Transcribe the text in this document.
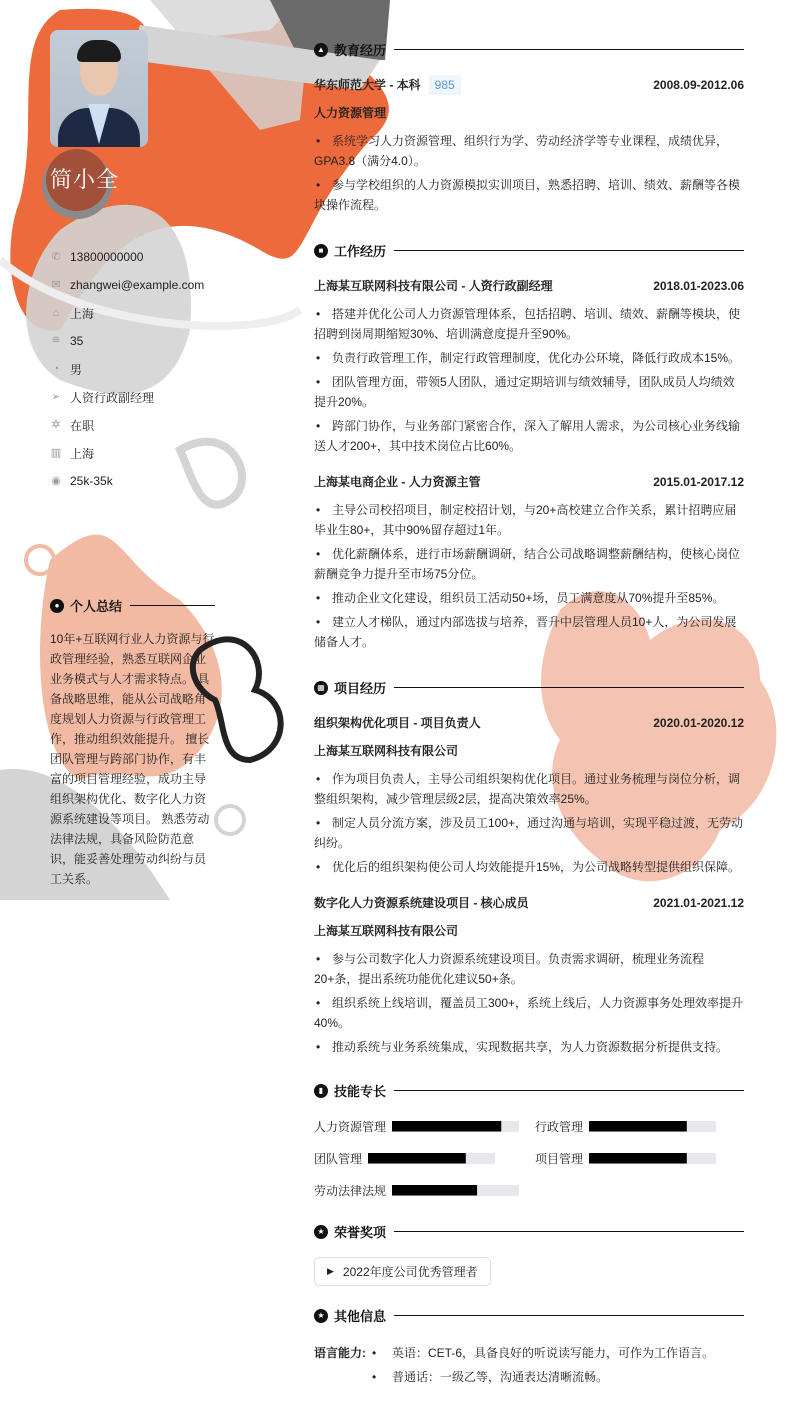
简小全
✆ 13800000000
✉ zhangwei@example.com
⌂ 上海
≘ 35
◔ 男
➢ 人资行政副经理
✲ 在职
▥ 上海
◉ 25k-35k
● 个人总结

10年+互联网行业人力资源与行政管理经验，熟悉互联网企业业务模式与人才需求特点。 具备战略思维，能从公司战略角度规划人力资源与行政管理工作，推动组织效能提升。 擅长团队管理与跨部门协作，有丰富的项目管理经验，成功主导组织架构优化、数字化人力资源系统建设等项目。 熟悉劳动法律法规，具备风险防范意识，能妥善处理劳动纠纷与员工关系。

▲ 教育经历
华东师范大学 - 本科 985	2008.09-2012.06
人力资源管理
• 系统学习人力资源管理、组织行为学、劳动经济学等专业课程，成绩优异，GPA3.8（满分4.0）。
• 参与学校组织的人力资源模拟实训项目，熟悉招聘、培训、绩效、薪酬等各模块操作流程。
■ 工作经历
上海某互联网科技有限公司 - 人资行政副经理	2018.01-2023.06
• 搭建并优化公司人力资源管理体系，包括招聘、培训、绩效、薪酬等模块，使招聘到岗周期缩短30%、培训满意度提升至90%。
• 负责行政管理工作，制定行政管理制度，优化办公环境，降低行政成本15%。
• 团队管理方面，带领5人团队，通过定期培训与绩效辅导，团队成员人均绩效提升20%。
• 跨部门协作，与业务部门紧密合作，深入了解用人需求，为公司核心业务线输送人才200+，其中技术岗位占比60%。
上海某电商企业 - 人力资源主管	2015.01-2017.12
• 主导公司校招项目，制定校招计划，与20+高校建立合作关系，累计招聘应届毕业生80+，其中90%留存超过1年。
• 优化薪酬体系，进行市场薪酬调研，结合公司战略调整薪酬结构，使核心岗位薪酬竞争力提升至市场75分位。
• 推动企业文化建设，组织员工活动50+场，员工满意度从70%提升至85%。
• 建立人才梯队，通过内部选拔与培养，晋升中层管理人员10+人，为公司发展储备人才。
▦ 项目经历
组织架构优化项目 - 项目负责人	2020.01-2020.12
上海某互联网科技有限公司
• 作为项目负责人，主导公司组织架构优化项目。通过业务梳理与岗位分析，调整组织架构，减少管理层级2层，提高决策效率25%。
• 制定人员分流方案，涉及员工100+，通过沟通与培训，实现平稳过渡，无劳动纠纷。
• 优化后的组织架构使公司人均效能提升15%，为公司战略转型提供组织保障。
数字化人力资源系统建设项目 - 核心成员	2021.01-2021.12
上海某互联网科技有限公司
• 参与公司数字化人力资源系统建设项目。负责需求调研，梳理业务流程20+条，提出系统功能优化建议50+条。
• 组织系统上线培训，覆盖员工300+，系统上线后，人力资源事务处理效率提升40%。
• 推动系统与业务系统集成，实现数据共享，为人力资源数据分析提供支持。
▮ 技能专长
人力资源管理	行政管理
团队管理	项目管理
劳动法律法规
★ 荣誉奖项
▶ 2022年度公司优秀管理者
★ 其他信息
语言能力: • 英语：CET-6，具备良好的听说读写能力，可作为工作语言。
• 普通话：一级乙等，沟通表达清晰流畅。
